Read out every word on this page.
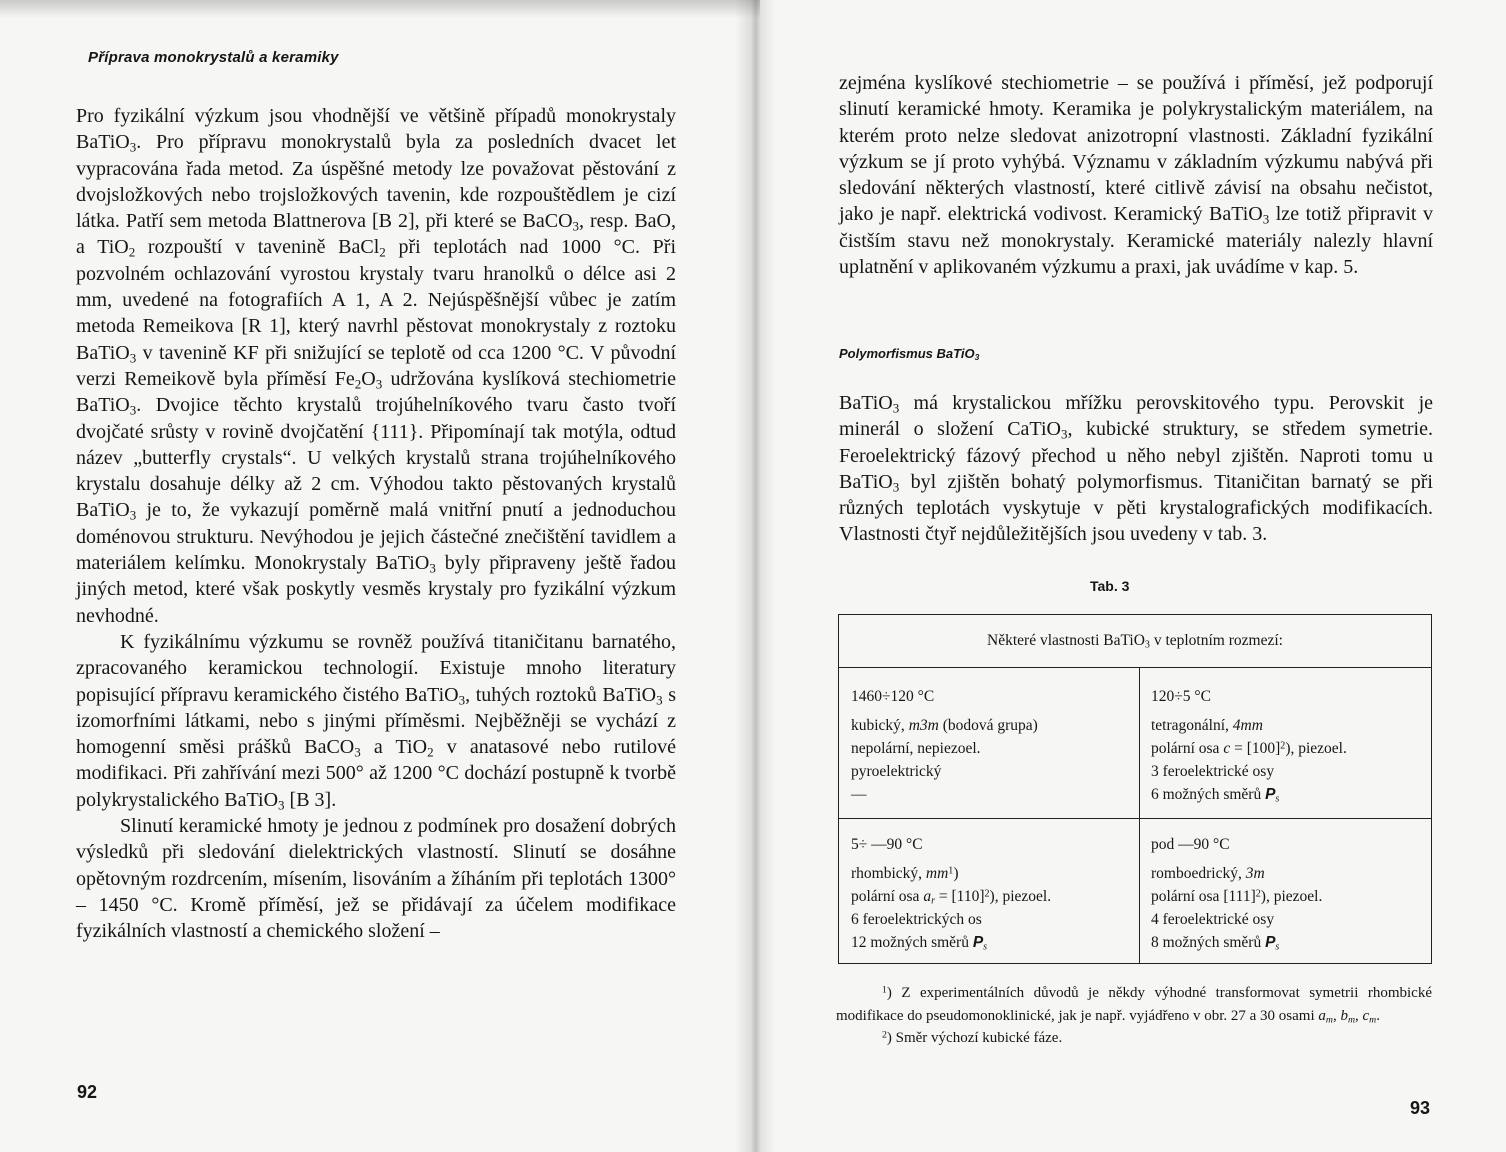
Příprava monokrystalů a keramiky

Pro fyzikální výzkum jsou vhodnější ve většině případů monokrystaly BaTiO$_3$. Pro přípravu monokrystalů byla za posledních dvacet let vypracována řada metod. Za úspěšné metody lze považovat pěstování z dvojsložkových nebo trojsložkových tavenin, kde rozpouštědlem je cizí látka. Patří sem metoda Blattnerova [B 2], při které se BaCO$_3$, resp. BaO, a TiO$_2$ rozpouští v tavenině BaCl$_2$ při teplotách nad 1000 °C. Při pozvolném ochlazování vyrostou krystaly tvaru hranolků o délce asi 2 mm, uvedené na fotografiích A 1, A 2. Nejúspěšnější vůbec je zatím metoda Remeikova [R 1], který navrhl pěstovat monokrystaly z roztoku BaTiO$_3$ v tavenině KF při snižující se teplotě od cca 1200 °C. V původní verzi Remeikově byla příměsí $Fe_2O_3$ udržována kyslíková stechiometrie BaTiO$_3$. Dvojice těchto krystalů trojúhelníkového tvaru často tvoří dvojčaté srůsty v rovině dvojčatění {111}. Připomínají tak motýla, odtud název „butterfly crystals“. U velkých krystalů strana trojúhelníkového krystalu dosahuje délky až 2 cm. Výhodou takto pěstovaných krystalů BaTiO$_3$ je to, že vykazují poměrně malá vnitřní pnutí a jednoduchou doménovou strukturu. Nevýhodou je jejich částečné znečištění tavidlem a materiálem kelímku. Monokrystaly BaTiO$_3$ byly připraveny ještě řadou jiných metod, které však poskytly vesměs krystaly pro fyzikální výzkum nevhodné.

K fyzikálnímu výzkumu se rovněž používá titaničitanu barnatého, zpracovaného keramickou technologií. Existuje mnoho literatury popisující přípravu keramického čistého BaTiO$_3$, tuhých roztoků BaTiO$_3$ s izomorfními látkami, nebo s jinými příměsmi. Nejběžněji se vychází z homogenní směsi prášků BaCO$_3$ a TiO$_2$ v anatasové nebo rutilové modifikaci. Při zahřívání mezi 500° až 1200 °C dochází postupně k tvorbě polykrystalického BaTiO$_3$ [B 3].

Slinutí keramické hmoty je jednou z podmínek pro dosažení dobrých výsledků při sledování dielektrických vlastností. Slinutí se dosáhne opětovným rozdrcením, mísením, lisováním a žíháním při teplotách 1300° – 1450 °C. Kromě příměsí, jež se přidávají za účelem modifikace fyzikálních vlastností a chemického složení –

92

zejména kyslíkové stechiometrie – se používá i příměsí, jež podporují slinutí keramické hmoty. Keramika je polykrystalickým materiálem, na kterém proto nelze sledovat anizotropní vlastnosti. Základní fyzikální výzkum se jí proto vyhýbá. Významu v základním výzkumu nabývá při sledování některých vlastností, které citlivě závisí na obsahu nečistot, jako je např. elektrická vodivost. Keramický BaTiO$_3$ lze totiž připravit v čistším stavu než monokrystaly. Keramické materiály nalezly hlavní uplatnění v aplikovaném výzkumu a praxi, jak uvádíme v kap. 5.

Polymorfismus BaTiO$_3$

BaTiO$_3$ má krystalickou mřížku perovskitového typu. Perovskit je minerál o složení CaTiO$_3$, kubické struktury, se středem symetrie. Feroelektrický fázový přechod u něho nebyl zjištěn. Naproti tomu u BaTiO$_3$ byl zjištěn bohatý polymorfismus. Titaničitan barnatý se při různých teplotách vyskytuje v pěti krystalografických modifikacích. Vlastnosti čtyř nejdůležitějších jsou uvedeny v tab. 3.

Tab. 3
Některé vlastnosti BaTiO$_3$ v teplotním rozmezí:
1460÷120 °C
kubický, m3m (bodová grupa)
nepolární, nepiezoel.
pyroelektrický
—
120÷5 °C
tetragonální, 4mm
polární osa $c = [100]^2$), piezoel.
3 feroelektrické osy
6 možných směrů $P_s$
5÷ —90 °C
rhombický, $mm^1$)
polární osa $a_r = [110]^2$), piezoel.
6 feroelektrických os
12 možných směrů $P_s$
pod —90 °C
romboedrický, 3m
polární osa $[111]^2$), piezoel.
4 feroelektrické osy
8 možných směrů $P_s$

$^1$) Z experimentálních důvodů je někdy výhodné transformovat symetrii rhombické modifikace do pseudomonoklinické, jak je např. vyjádřeno v obr. 27 a 30 osami $a_m$, $b_m$, $c_m$.

$^2$) Směr výchozí kubické fáze.

93
